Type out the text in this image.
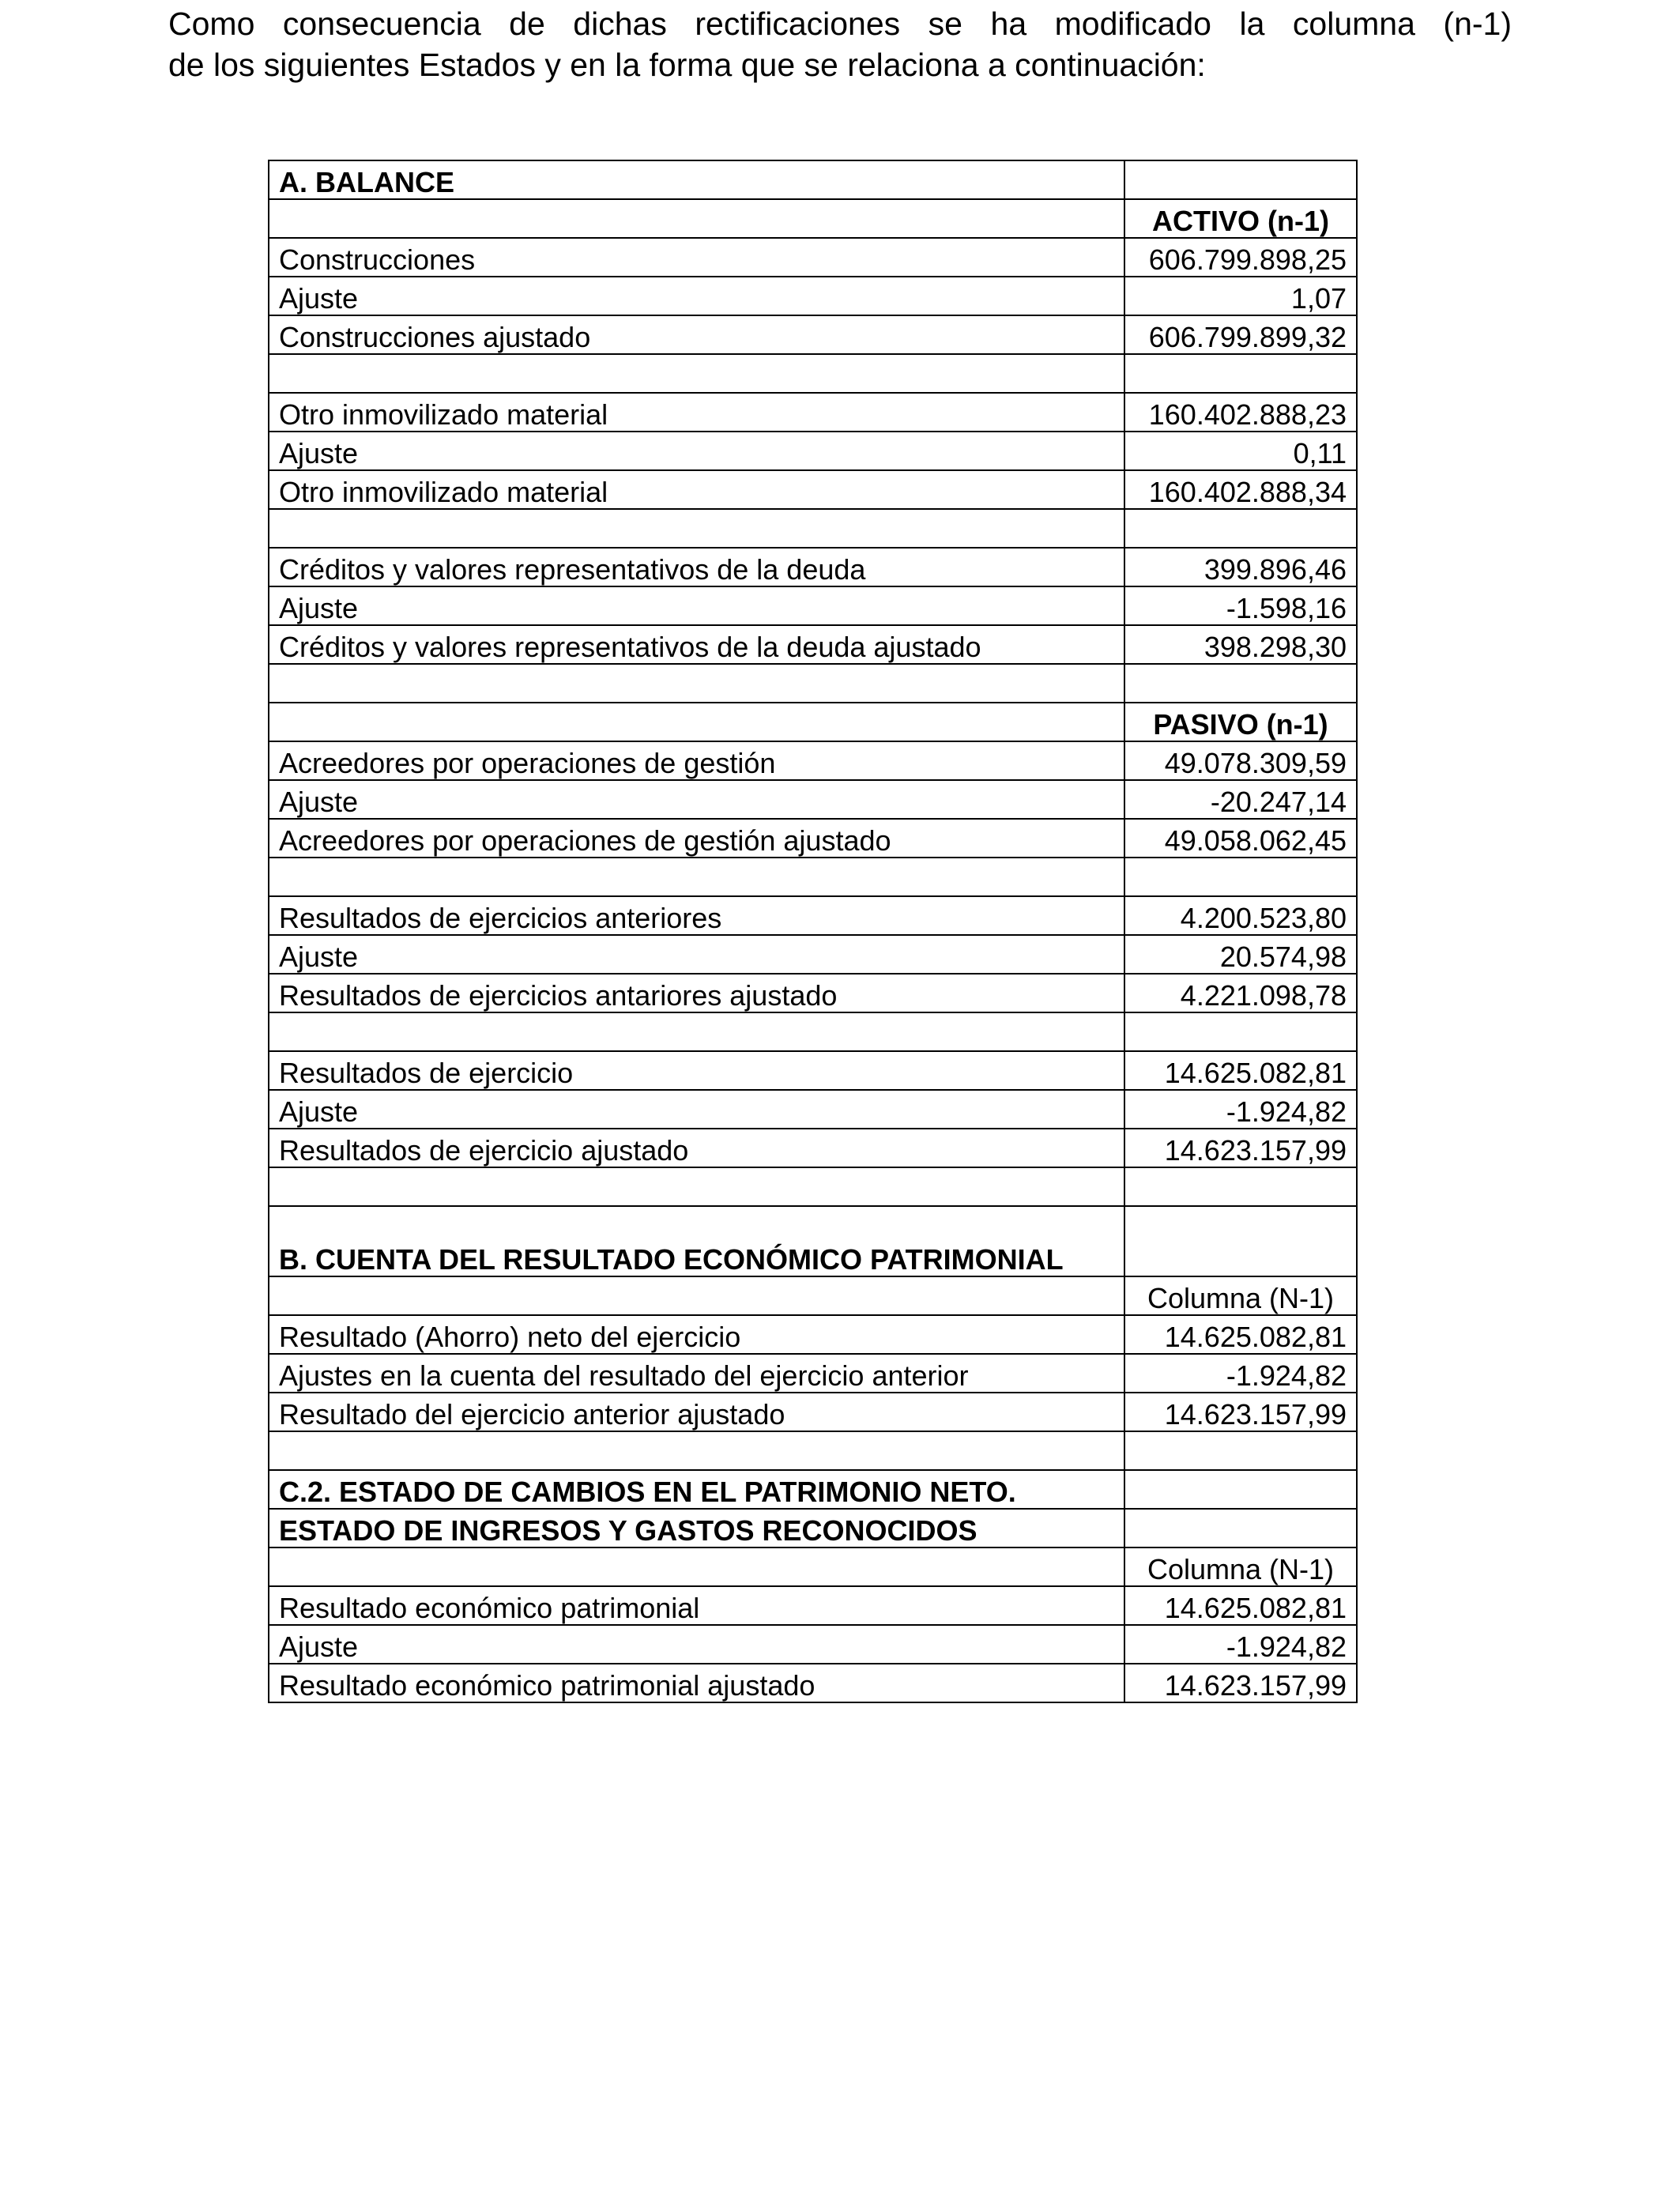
Como consecuencia de dichas rectificaciones se ha modificado la columna (n-1)
de los siguientes Estados y en la forma que se relaciona a continuación:
A. BALANCE	
	ACTIVO (n-1)
Construcciones	606.799.898,25
Ajuste	1,07
Construcciones ajustado	606.799.899,32

Otro inmovilizado material	160.402.888,23
Ajuste	0,11
Otro inmovilizado material	160.402.888,34

Créditos y valores representativos de la deuda	399.896,46
Ajuste	-1.598,16
Créditos y valores representativos de la deuda ajustado	398.298,30

	PASIVO (n-1)
Acreedores por operaciones de gestión	49.078.309,59
Ajuste	-20.247,14
Acreedores por operaciones de gestión ajustado	49.058.062,45

Resultados de ejercicios anteriores	4.200.523,80
Ajuste	20.574,98
Resultados de ejercicios antariores ajustado	4.221.098,78

Resultados de ejercicio	14.625.082,81
Ajuste	-1.924,82
Resultados de ejercicio ajustado	14.623.157,99

B. CUENTA DEL RESULTADO ECONÓMICO PATRIMONIAL	
	Columna (N-1)
Resultado (Ahorro) neto del ejercicio	14.625.082,81
Ajustes en la cuenta del resultado del ejercicio anterior	-1.924,82
Resultado del ejercicio anterior ajustado	14.623.157,99

C.2. ESTADO DE CAMBIOS EN EL PATRIMONIO NETO.	
ESTADO DE INGRESOS Y GASTOS RECONOCIDOS	
	Columna (N-1)
Resultado económico patrimonial	14.625.082,81
Ajuste	-1.924,82
Resultado económico patrimonial ajustado	14.623.157,99
